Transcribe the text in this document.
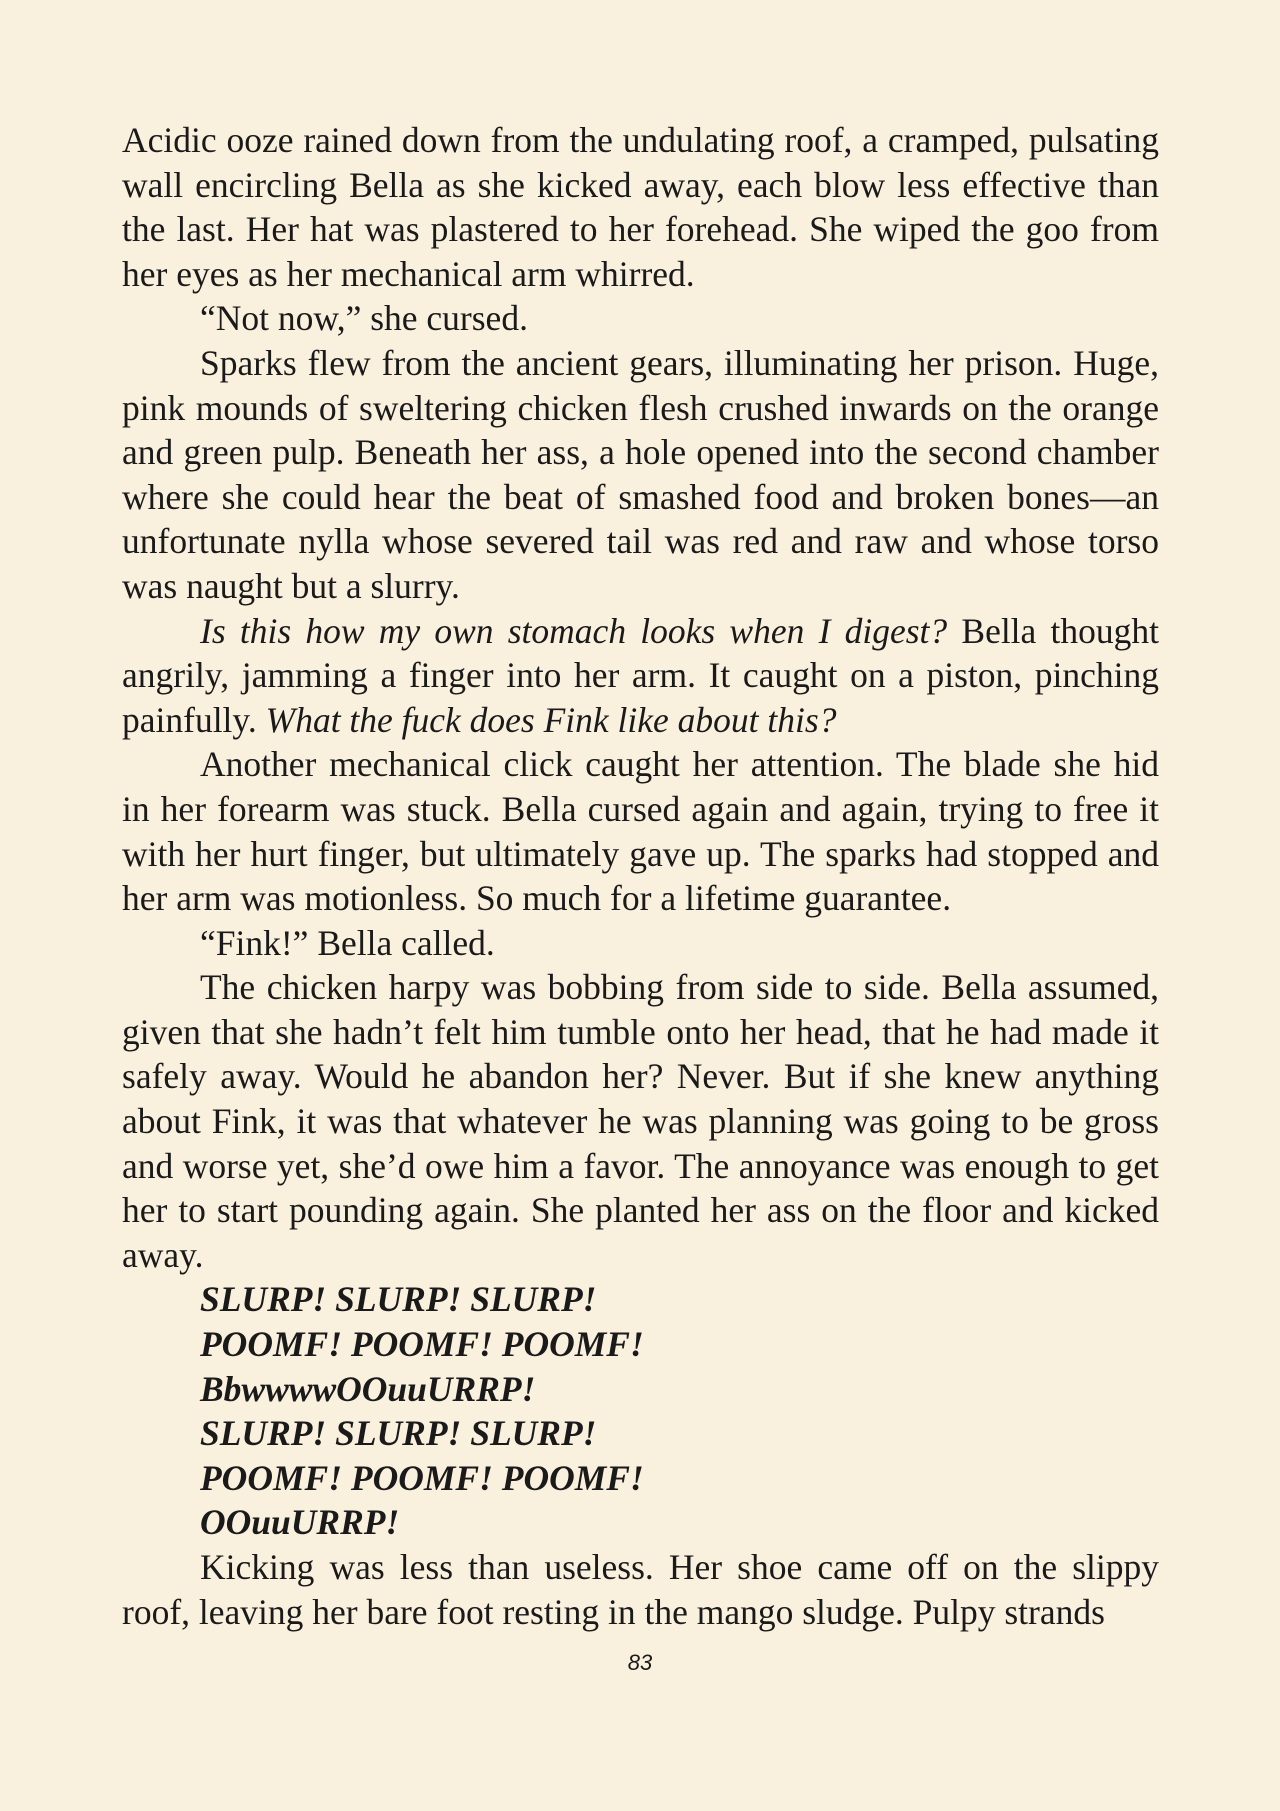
Acidic ooze rained down from the undulating roof, a cramped, pulsating wall encircling Bella as she kicked away, each blow less effective than the last. Her hat was plastered to her forehead. She wiped the goo from her eyes as her mechanical arm whirred.

“Not now,” she cursed.

Sparks flew from the ancient gears, illuminating her prison. Huge, pink mounds of sweltering chicken flesh crushed inwards on the orange and green pulp. Beneath her ass, a hole opened into the second chamber where she could hear the beat of smashed food and broken bones—an unfortunate nylla whose severed tail was red and raw and whose torso was naught but a slurry.

Is this how my own stomach looks when I digest? Bella thought angrily, jamming a finger into her arm. It caught on a piston, pinching painfully. What the fuck does Fink like about this?

Another mechanical click caught her attention. The blade she hid in her forearm was stuck. Bella cursed again and again, trying to free it with her hurt finger, but ultimately gave up. The sparks had stopped and her arm was motionless. So much for a lifetime guarantee.

“Fink!” Bella called.

The chicken harpy was bobbing from side to side. Bella assumed, given that she hadn’t felt him tumble onto her head, that he had made it safely away. Would he abandon her? Never. But if she knew anything about Fink, it was that whatever he was planning was going to be gross and worse yet, she’d owe him a favor. The annoyance was enough to get her to start pounding again. She planted her ass on the floor and kicked away.

SLURP! SLURP! SLURP!

POOMF! POOMF! POOMF!

BbwwwwOOuuURRP!

SLURP! SLURP! SLURP!

POOMF! POOMF! POOMF!

OOuuURRP!

Kicking was less than useless. Her shoe came off on the slippy roof, leaving her bare foot resting in the mango sludge. Pulpy strands

83
